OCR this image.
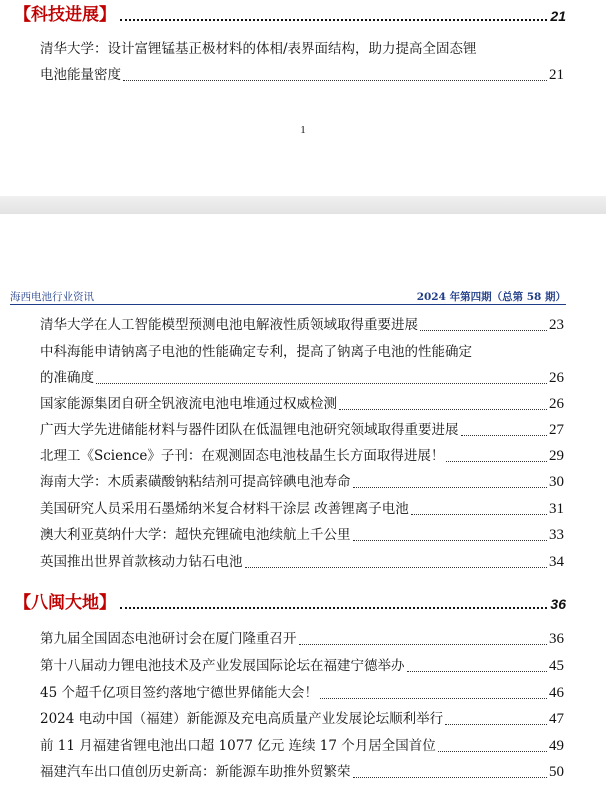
【科技进展】	21
清华大学：设计富锂锰基正极材料的体相/表界面结构，助力提高全固态锂
电池能量密度	21
1
海西电池行业资讯	2024 年第四期（总第 58 期）
清华大学在人工智能模型预测电池电解液性质领域取得重要进展	23
中科海能申请钠离子电池的性能确定专利，提高了钠离子电池的性能确定
的准确度	26
国家能源集团自研全钒液流电池电堆通过权威检测	26
广西大学先进储能材料与器件团队在低温锂电池研究领域取得重要进展	27
北理工《Science》子刊：在观测固态电池枝晶生长方面取得进展！	29
海南大学：木质素磺酸钠粘结剂可提高锌碘电池寿命	30
美国研究人员采用石墨烯纳米复合材料干涂层 改善锂离子电池	31
澳大利亚莫纳什大学：超快充锂硫电池续航上千公里	33
英国推出世界首款核动力钻石电池	34
【八闽大地】	36
第九届全国固态电池研讨会在厦门隆重召开	36
第十八届动力锂电池技术及产业发展国际论坛在福建宁德举办	45
45 个超千亿项目签约落地宁德世界储能大会！	46
2024 电动中国（福建）新能源及充电高质量产业发展论坛顺利举行	47
前 11 月福建省锂电池出口超 1077 亿元 连续 17 个月居全国首位	49
福建汽车出口值创历史新高：新能源车助推外贸繁荣	50
